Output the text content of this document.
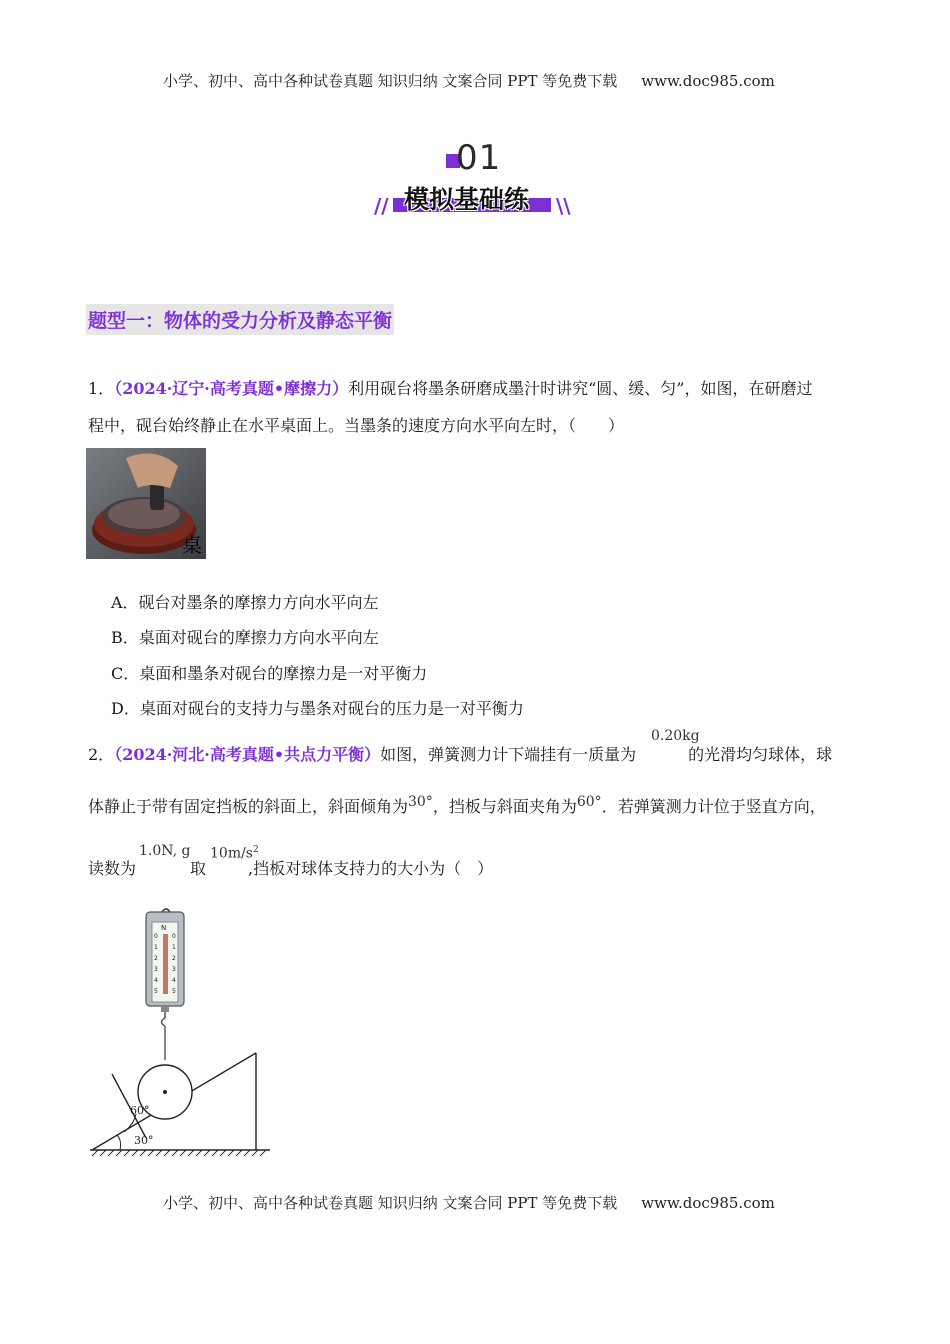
小学、初中、高中各种试卷真题 知识归纳 文案合同 PPT 等免费下载 www.doc985.com
01
模拟基础练
//	\\
题型一：物体的受力分析及静态平衡
1．（2024·辽宁·高考真题•摩擦力）利用砚台将墨条研磨成墨汁时讲究“圆、缓、匀”，如图，在研磨过
程中，砚台始终静止在水平桌面上。当墨条的速度方向水平向左时，（　　）
桌
A．砚台对墨条的摩擦力方向水平向左
B．桌面对砚台的摩擦力方向水平向左
C．桌面和墨条对砚台的摩擦力是一对平衡力
D．桌面对砚台的支持力与墨条对砚台的压力是一对平衡力
2．（2024·河北·高考真题•共点力平衡）如图，弹簧测力计下端挂有一质量为	的光滑均匀球体，球
0.20kg
体静止于带有固定挡板的斜面上，斜面倾角为30°，挡板与斜面夹角为60°．若弹簧测力计位于竖直方向，
读数为	取	,挡板对球体支持力的大小为（　）
1.0N, g $10m/s^2$
N
0
1
2
3
4
5
0
1
2
3
4
5
60°
30°
小学、初中、高中各种试卷真题 知识归纳 文案合同 PPT 等免费下载 www.doc985.com
